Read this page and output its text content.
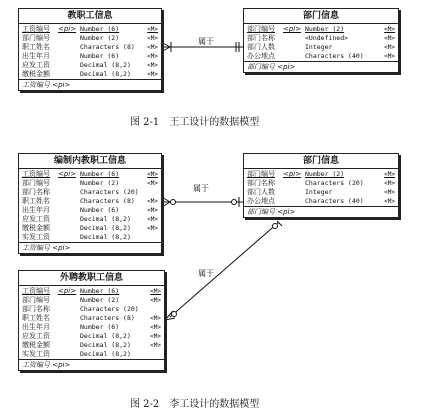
教职工信息
工资编号 <pi> Number (6)	<M>
部门编号	Number (2)	<M>
职工姓名	Characters (8) <M>
出生年月	Number (6)	<M>
应发工资	Decimal (8,2)	<M>
缴税金额	Decimal (8,2)	<M>
工资编号 <pi>
部门信息
部门编号 <pi> Number (2)	<M>
部门名称	<Undefined>	<M>
部门人数	Integer	<M>
办公地点	Characters (40)	<M>
部门编号 <pi>
属于
图 2-1　王工设计的数据模型
编制内教职工信息
工资编号 <pi> Number (6)	<M>
部门编号	Number (2)	<M>
部门名称	Characters (20)
职工姓名	Characters (8) <M>
出生年月	Number (6)	<M>
应发工资	Decimal (8,2)	<M>
缴税金额	Decimal (8,2)	<M>
实发工资	Decimal (8,2)
工资编号 <pi>
部门信息
部门编号 <pi> Number (2)	<M>
部门名称	Characters (20)	<M>
部门人数	Integer	<M>
办公地点	Characters (40)	<M>
部门编号 <pi>
外聘教职工信息
工资编号 <pi> Number (6)	<M>
部门编号	Number (2)	<M>
部门名称	Characters (20)
职工姓名	Characters (8)	<M>
出生年月	Number (6)	<M>
应发工资	Decimal (8,2)	<M>
缴税金额	Decimal (8,2)	<M>
实发工资	Decimal (8,2)
工资编号 <pi>
属于
属于
图 2-2　李工设计的数据模型
